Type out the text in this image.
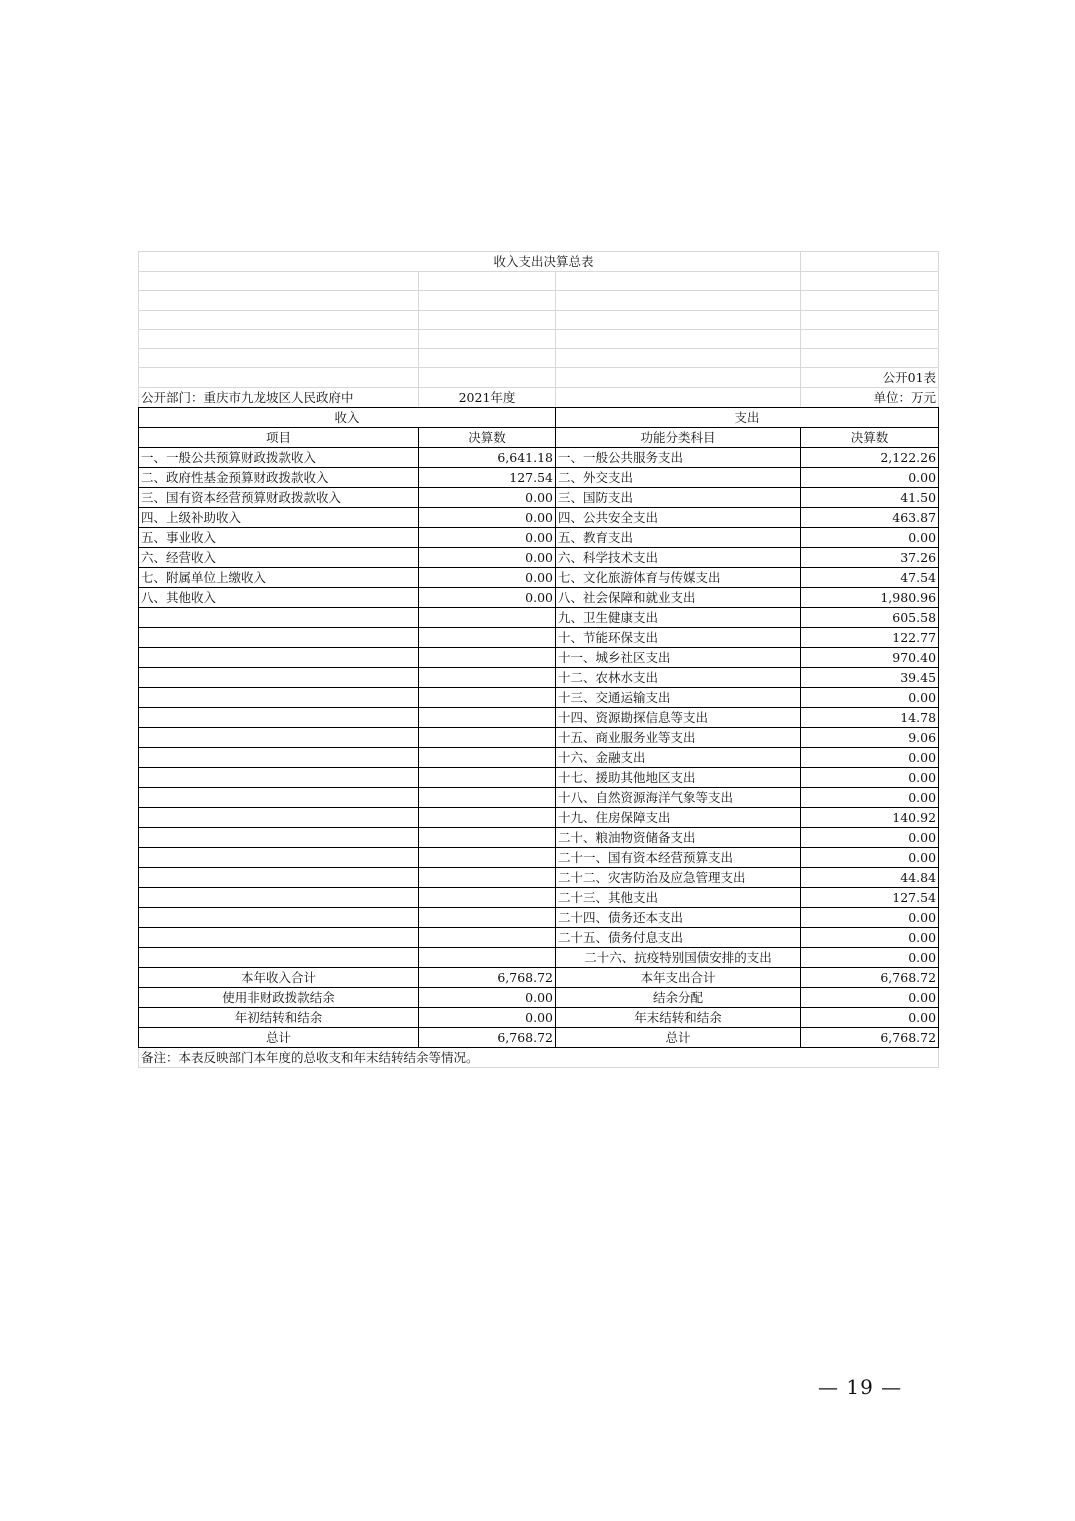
收入支出决算总表			

			公开01表
公开部门：重庆市九龙坡区人民政府中	2021年度		单位：万元
收入		支出	
项目	决算数	功能分类科目	决算数
一、一般公共预算财政拨款收入	6,641.18	一、一般公共服务支出	2,122.26
二、政府性基金预算财政拨款收入	127.54	二、外交支出	0.00
三、国有资本经营预算财政拨款收入	0.00	三、国防支出	41.50
四、上级补助收入	0.00	四、公共安全支出	463.87
五、事业收入	0.00	五、教育支出	0.00
六、经营收入	0.00	六、科学技术支出	37.26
七、附属单位上缴收入	0.00	七、文化旅游体育与传媒支出	47.54
八、其他收入	0.00	八、社会保障和就业支出	1,980.96
		九、卫生健康支出	605.58
		十、节能环保支出	122.77
		十一、城乡社区支出	970.40
		十二、农林水支出	39.45
		十三、交通运输支出	0.00
		十四、资源勘探信息等支出	14.78
		十五、商业服务业等支出	9.06
		十六、金融支出	0.00
		十七、援助其他地区支出	0.00
		十八、自然资源海洋气象等支出	0.00
		十九、住房保障支出	140.92
		二十、粮油物资储备支出	0.00
		二十一、国有资本经营预算支出	0.00
		二十二、灾害防治及应急管理支出	44.84
		二十三、其他支出	127.54
		二十四、债务还本支出	0.00
		二十五、债务付息支出	0.00
		二十六、抗疫特别国债安排的支出	0.00
本年收入合计	6,768.72	本年支出合计	6,768.72
使用非财政拨款结余	0.00	结余分配	0.00
年初结转和结余	0.00	年末结转和结余	0.00
总计	6,768.72	总计	6,768.72
备注：本表反映部门本年度的总收支和年末结转结余等情况。			
— 19 —
